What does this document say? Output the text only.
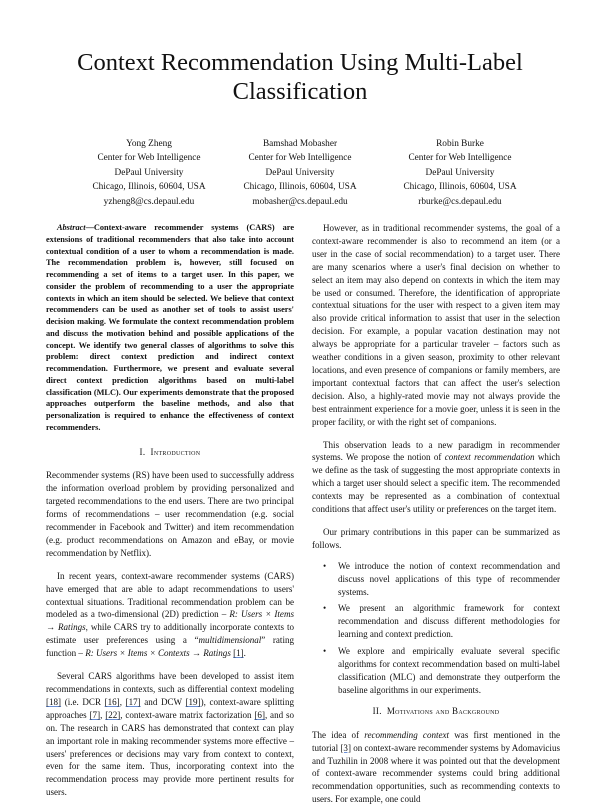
Context Recommendation Using Multi-Label Classification
Yong Zheng
Center for Web Intelligence
DePaul University
Chicago, Illinois, 60604, USA
yzheng8@cs.depaul.edu
Bamshad Mobasher
Center for Web Intelligence
DePaul University
Chicago, Illinois, 60604, USA
mobasher@cs.depaul.edu
Robin Burke
Center for Web Intelligence
DePaul University
Chicago, Illinois, 60604, USA
rburke@cs.depaul.edu

Abstract—Context-aware recommender systems (CARS) are extensions of traditional recommenders that also take into account contextual condition of a user to whom a recommendation is made. The recommendation problem is, however, still focused on recommending a set of items to a target user. In this paper, we consider the problem of recommending to a user the appropriate contexts in which an item should be selected. We believe that context recommenders can be used as another set of tools to assist users' decision making. We formulate the context recommendation problem and discuss the motivation behind and possible applications of the concept. We identify two general classes of algorithms to solve this problem: direct context prediction and indirect context recommendation. Furthermore, we present and evaluate several direct context prediction algorithms based on multi-label classification (MLC). Our experiments demonstrate that the proposed approaches outperform the baseline methods, and also that personalization is required to enhance the effectiveness of context recommenders.

I. Introduction

Recommender systems (RS) have been used to successfully address the information overload problem by providing personalized and targeted recommendations to the end users. There are two principal forms of recommendations – user recommendation (e.g. social recommender in Facebook and Twitter) and item recommendation (e.g. product recommendations on Amazon and eBay, or movie recommendation by Netflix).

In recent years, context-aware recommender systems (CARS) have emerged that are able to adapt recommendations to users' contextual situations. Traditional recommendation problem can be modeled as a two-dimensional (2D) prediction – R: Users × Items → Ratings, while CARS try to additionally incorporate contexts to estimate user preferences using a “multidimensional” rating function – R: Users × Items × Contexts → Ratings [1].

Several CARS algorithms have been developed to assist item recommendations in contexts, such as differential context modeling [18] (i.e. DCR [16], [17] and DCW [19]), context-aware splitting approaches [7], [22], context-aware matrix factorization [6], and so on. The research in CARS has demonstrated that context can play an important role in making recommender systems more effective – users' preferences or decisions may vary from context to context, even for the same item. Thus, incorporating context into the recommendation process may provide more pertinent results for users.

However, as in traditional recommender systems, the goal of a context-aware recommender is also to recommend an item (or a user in the case of social recommendation) to a target user. There are many scenarios where a user's final decision on whether to select an item may also depend on contexts in which the item may be used or consumed. Therefore, the identification of appropriate contextual situations for the user with respect to a given item may also provide critical information to assist that user in the selection decision. For example, a popular vacation destination may not always be appropriate for a particular traveler – factors such as weather conditions in a given season, proximity to other relevant locations, and even presence of companions or family members, are important contextual factors that can affect the user's selection decision. Also, a highly-rated movie may not always provide the best entrainment experience for a movie goer, unless it is seen in the proper facility, or with the right set of companions.

This observation leads to a new paradigm in recommender systems. We propose the notion of context recommendation which we define as the task of suggesting the most appropriate contexts in which a target user should select a specific item. The recommended contexts may be represented as a combination of contextual conditions that affect user's utility or preferences on the target item.

Our primary contributions in this paper can be summarized as follows.

• We introduce the notion of context recommendation and discuss novel applications of this type of recommender systems.
• We present an algorithmic framework for context recommendation and discuss different methodologies for learning and context prediction.
• We explore and empirically evaluate several specific algorithms for context recommendation based on multi-label classification (MLC) and demonstrate they outperform the baseline algorithms in our experiments.
II. Motivations and Background

The idea of recommending context was first mentioned in the tutorial [3] on context-aware recommender systems by Adomavicius and Tuzhilin in 2008 where it was pointed out that the development of context-aware recommender systems could bring additional recommendation opportunities, such as recommending contexts to users. For example, one could
